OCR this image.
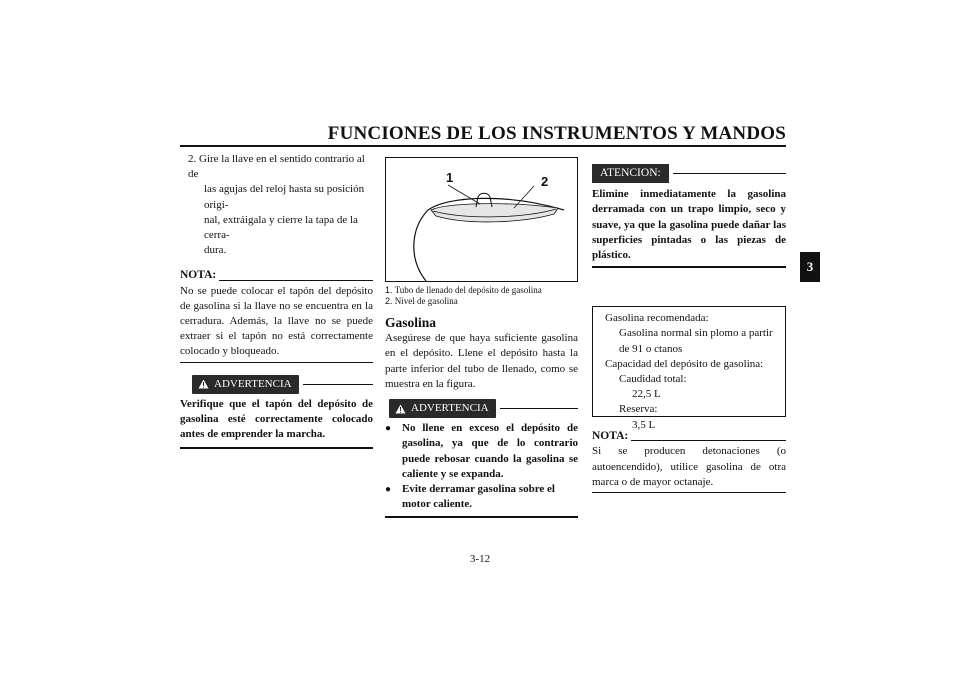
FUNCIONES DE LOS INSTRUMENTOS Y MANDOS
3
2. Gire la llave en el sentido contrario al de
las agujas del reloj hasta su posición origi-
nal, extráigala y cierre la tapa de la cerra-
dura.
NOTA:
No se puede colocar el tapón del depósito de gasolina si la llave no se encuentra en la cerradura. Además, la llave no se puede extraer si el tapón no está correctamente colocado y bloqueado.
ADVERTENCIA
Verifique que el tapón del depósito de gasolina esté correctamente colocado antes de emprender la marcha.
1	2
1. Tubo de llenado del depósito de gasolina
2. Nivel de gasolina
Gasolina
Asegúrese de que haya suficiente gasolina en el depósito. Llene el depósito hasta la parte inferior del tubo de llenado, como se muestra en la figura.
ADVERTENCIA
● No llene en exceso el depósito de gasolina, ya que de lo contrario puede rebosar cuando la gasolina se caliente y se expanda.
● Evite derramar gasolina sobre el motor caliente.
ATENCION:
Elimine inmediatamente la gasolina derramada con un trapo limpio, seco y suave, ya que la gasolina puede dañar las superficies pintadas o las piezas de plástico.
Gasolina recomendada:
Gasolina normal sin plomo a partir
de 91 o ctanos
Capacidad del depósito de gasolina:
Caudidad total:
22,5 L
Reserva:
3,5 L
NOTA:
Si se producen detonaciones (o autoencendido), utilice gasolina de otra marca o de mayor octanaje.
3-12
